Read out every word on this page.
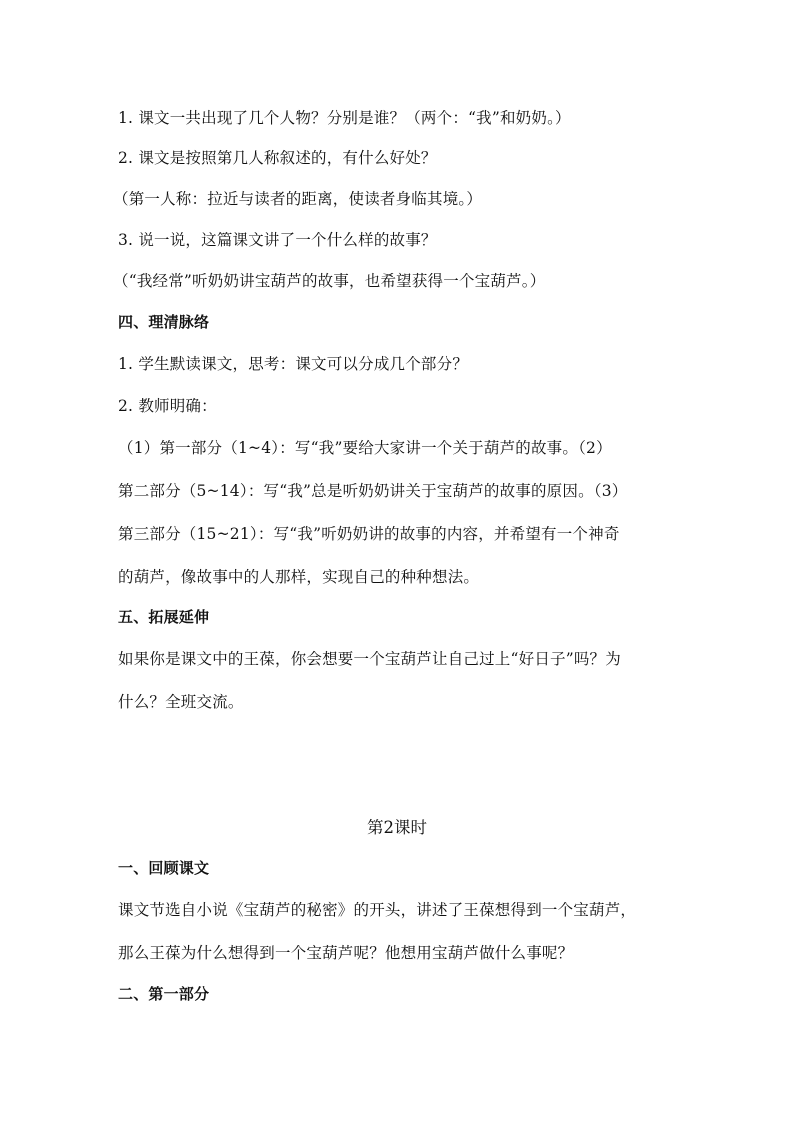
1. 课文一共出现了几个人物？分别是谁？（两个：“我”和奶奶。）
2. 课文是按照第几人称叙述的，有什么好处？
（第一人称：拉近与读者的距离，使读者身临其境。）
3. 说一说，这篇课文讲了一个什么样的故事？
（“我经常”听奶奶讲宝葫芦的故事，也希望获得一个宝葫芦。）
四、理清脉络
1. 学生默读课文，思考：课文可以分成几个部分？
2. 教师明确：
（1）第一部分（1~4）：写“我”要给大家讲一个关于葫芦的故事。（2）
第二部分（5~14）：写“我”总是听奶奶讲关于宝葫芦的故事的原因。（3）
第三部分（15~21）：写“我”听奶奶讲的故事的内容，并希望有一个神奇
的葫芦，像故事中的人那样，实现自己的种种想法。
五、拓展延伸
如果你是课文中的王葆，你会想要一个宝葫芦让自己过上“好日子”吗？为
什么？全班交流。
第2课时
一、回顾课文
课文节选自小说《宝葫芦的秘密》的开头，讲述了王葆想得到一个宝葫芦，
那么王葆为什么想得到一个宝葫芦呢？他想用宝葫芦做什么事呢？
二、第一部分
